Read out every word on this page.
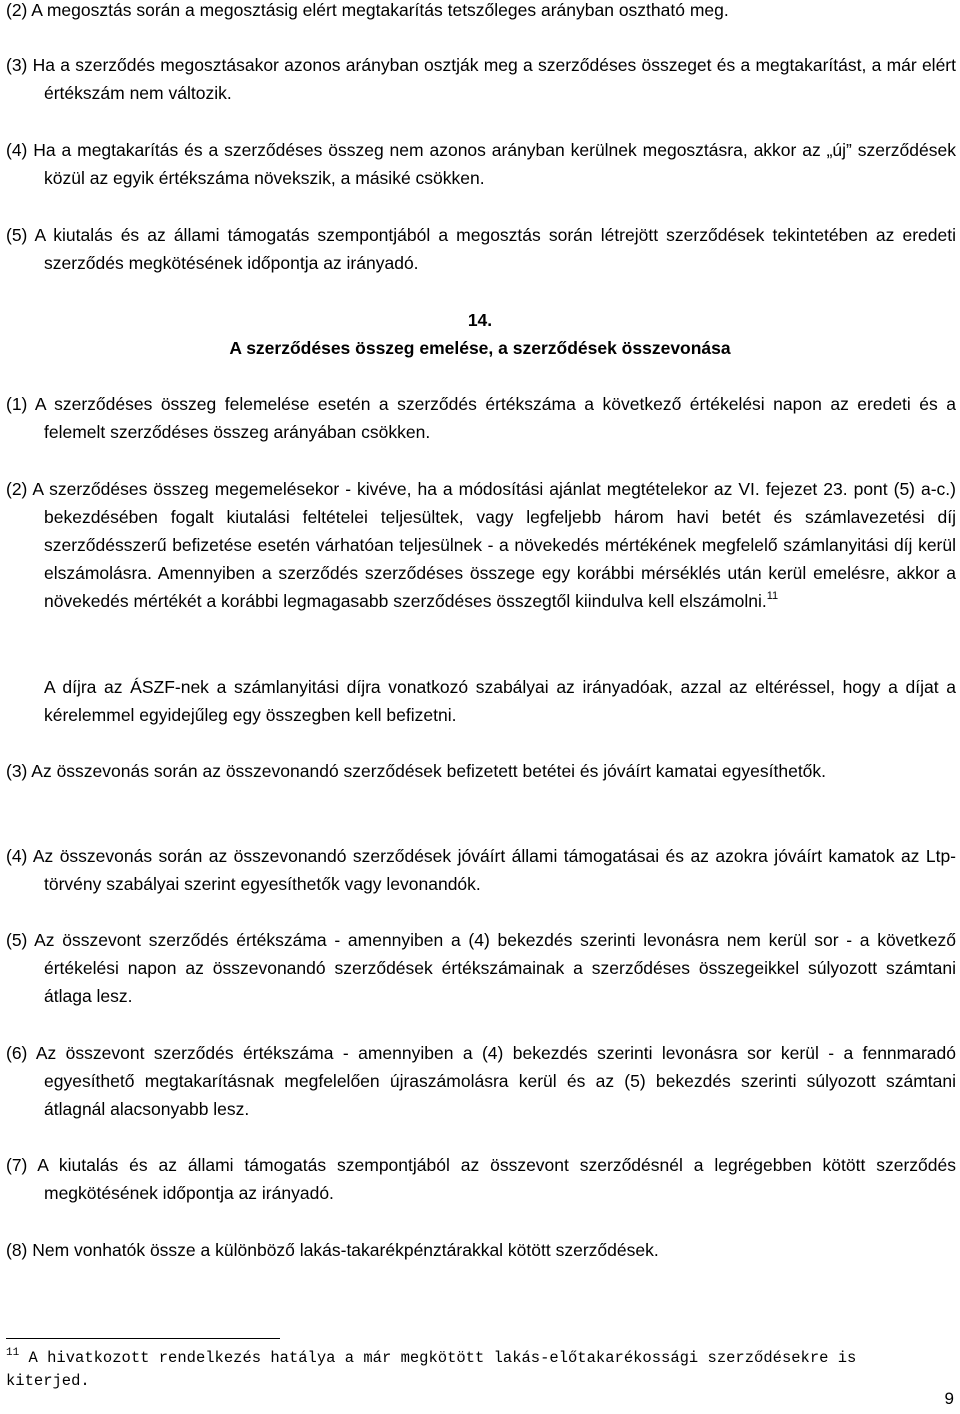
(2) A megosztás során a megosztásig elért megtakarítás tetszőleges arányban osztható meg.

(3) Ha a szerződés megosztásakor azonos arányban osztják meg a szerződéses összeget és a megtakarítást, a már elért értékszám nem változik.

(4) Ha a megtakarítás és a szerződéses összeg nem azonos arányban kerülnek megosztásra, akkor az „új” szerződések közül az egyik értékszáma növekszik, a másiké csökken.

(5) A kiutalás és az állami támogatás szempontjából a megosztás során létrejött szerződések tekintetében az eredeti szerződés megkötésének időpontja az irányadó.

14.

A szerződéses összeg emelése, a szerződések összevonása

(1) A szerződéses összeg felemelése esetén a szerződés értékszáma a következő értékelési napon az eredeti és a felemelt szerződéses összeg arányában csökken.

(2) A szerződéses összeg megemelésekor - kivéve, ha a módosítási ajánlat megtételekor az VI. fejezet 23. pont (5) a-c.) bekezdésében fogalt kiutalási feltételei teljesültek, vagy legfeljebb három havi betét és számlavezetési díj szerződésszerű befizetése esetén várhatóan teljesülnek - a növekedés mértékének megfelelő számlanyitási díj kerül elszámolásra. Amennyiben a szerződés szerződéses összege egy korábbi mérséklés után kerül emelésre, akkor a növekedés mértékét a korábbi legmagasabb szerződéses összegtől kiindulva kell elszámolni.$^{11}$

A díjra az ÁSZF-nek a számlanyitási díjra vonatkozó szabályai az irányadóak, azzal az eltéréssel, hogy a díjat a kérelemmel egyidejűleg egy összegben kell befizetni.

(3) Az összevonás során az összevonandó szerződések befizetett betétei és jóváírt kamatai egyesíthetők.

(4) Az összevonás során az összevonandó szerződések jóváírt állami támogatásai és az azokra jóváírt kamatok az Ltp-törvény szabályai szerint egyesíthetők vagy levonandók.

(5) Az összevont szerződés értékszáma - amennyiben a (4) bekezdés szerinti levonásra nem kerül sor - a következő értékelési napon az összevonandó szerződések értékszámainak a szerződéses összegeikkel súlyozott számtani átlaga lesz.

(6) Az összevont szerződés értékszáma - amennyiben a (4) bekezdés szerinti levonásra sor kerül - a fennmaradó egyesíthető megtakarításnak megfelelően újraszámolásra kerül és az (5) bekezdés szerinti súlyozott számtani átlagnál alacsonyabb lesz.

(7) A kiutalás és az állami támogatás szempontjából az összevont szerződésnél a legrégebben kötött szerződés megkötésének időpontja az irányadó.

(8) Nem vonhatók össze a különböző lakás-takarékpénztárakkal kötött szerződések.

$^{11}$ A hivatkozott rendelkezés hatálya a már megkötött lakás-előtakarékossági szerződésekre is kiterjed.

9
